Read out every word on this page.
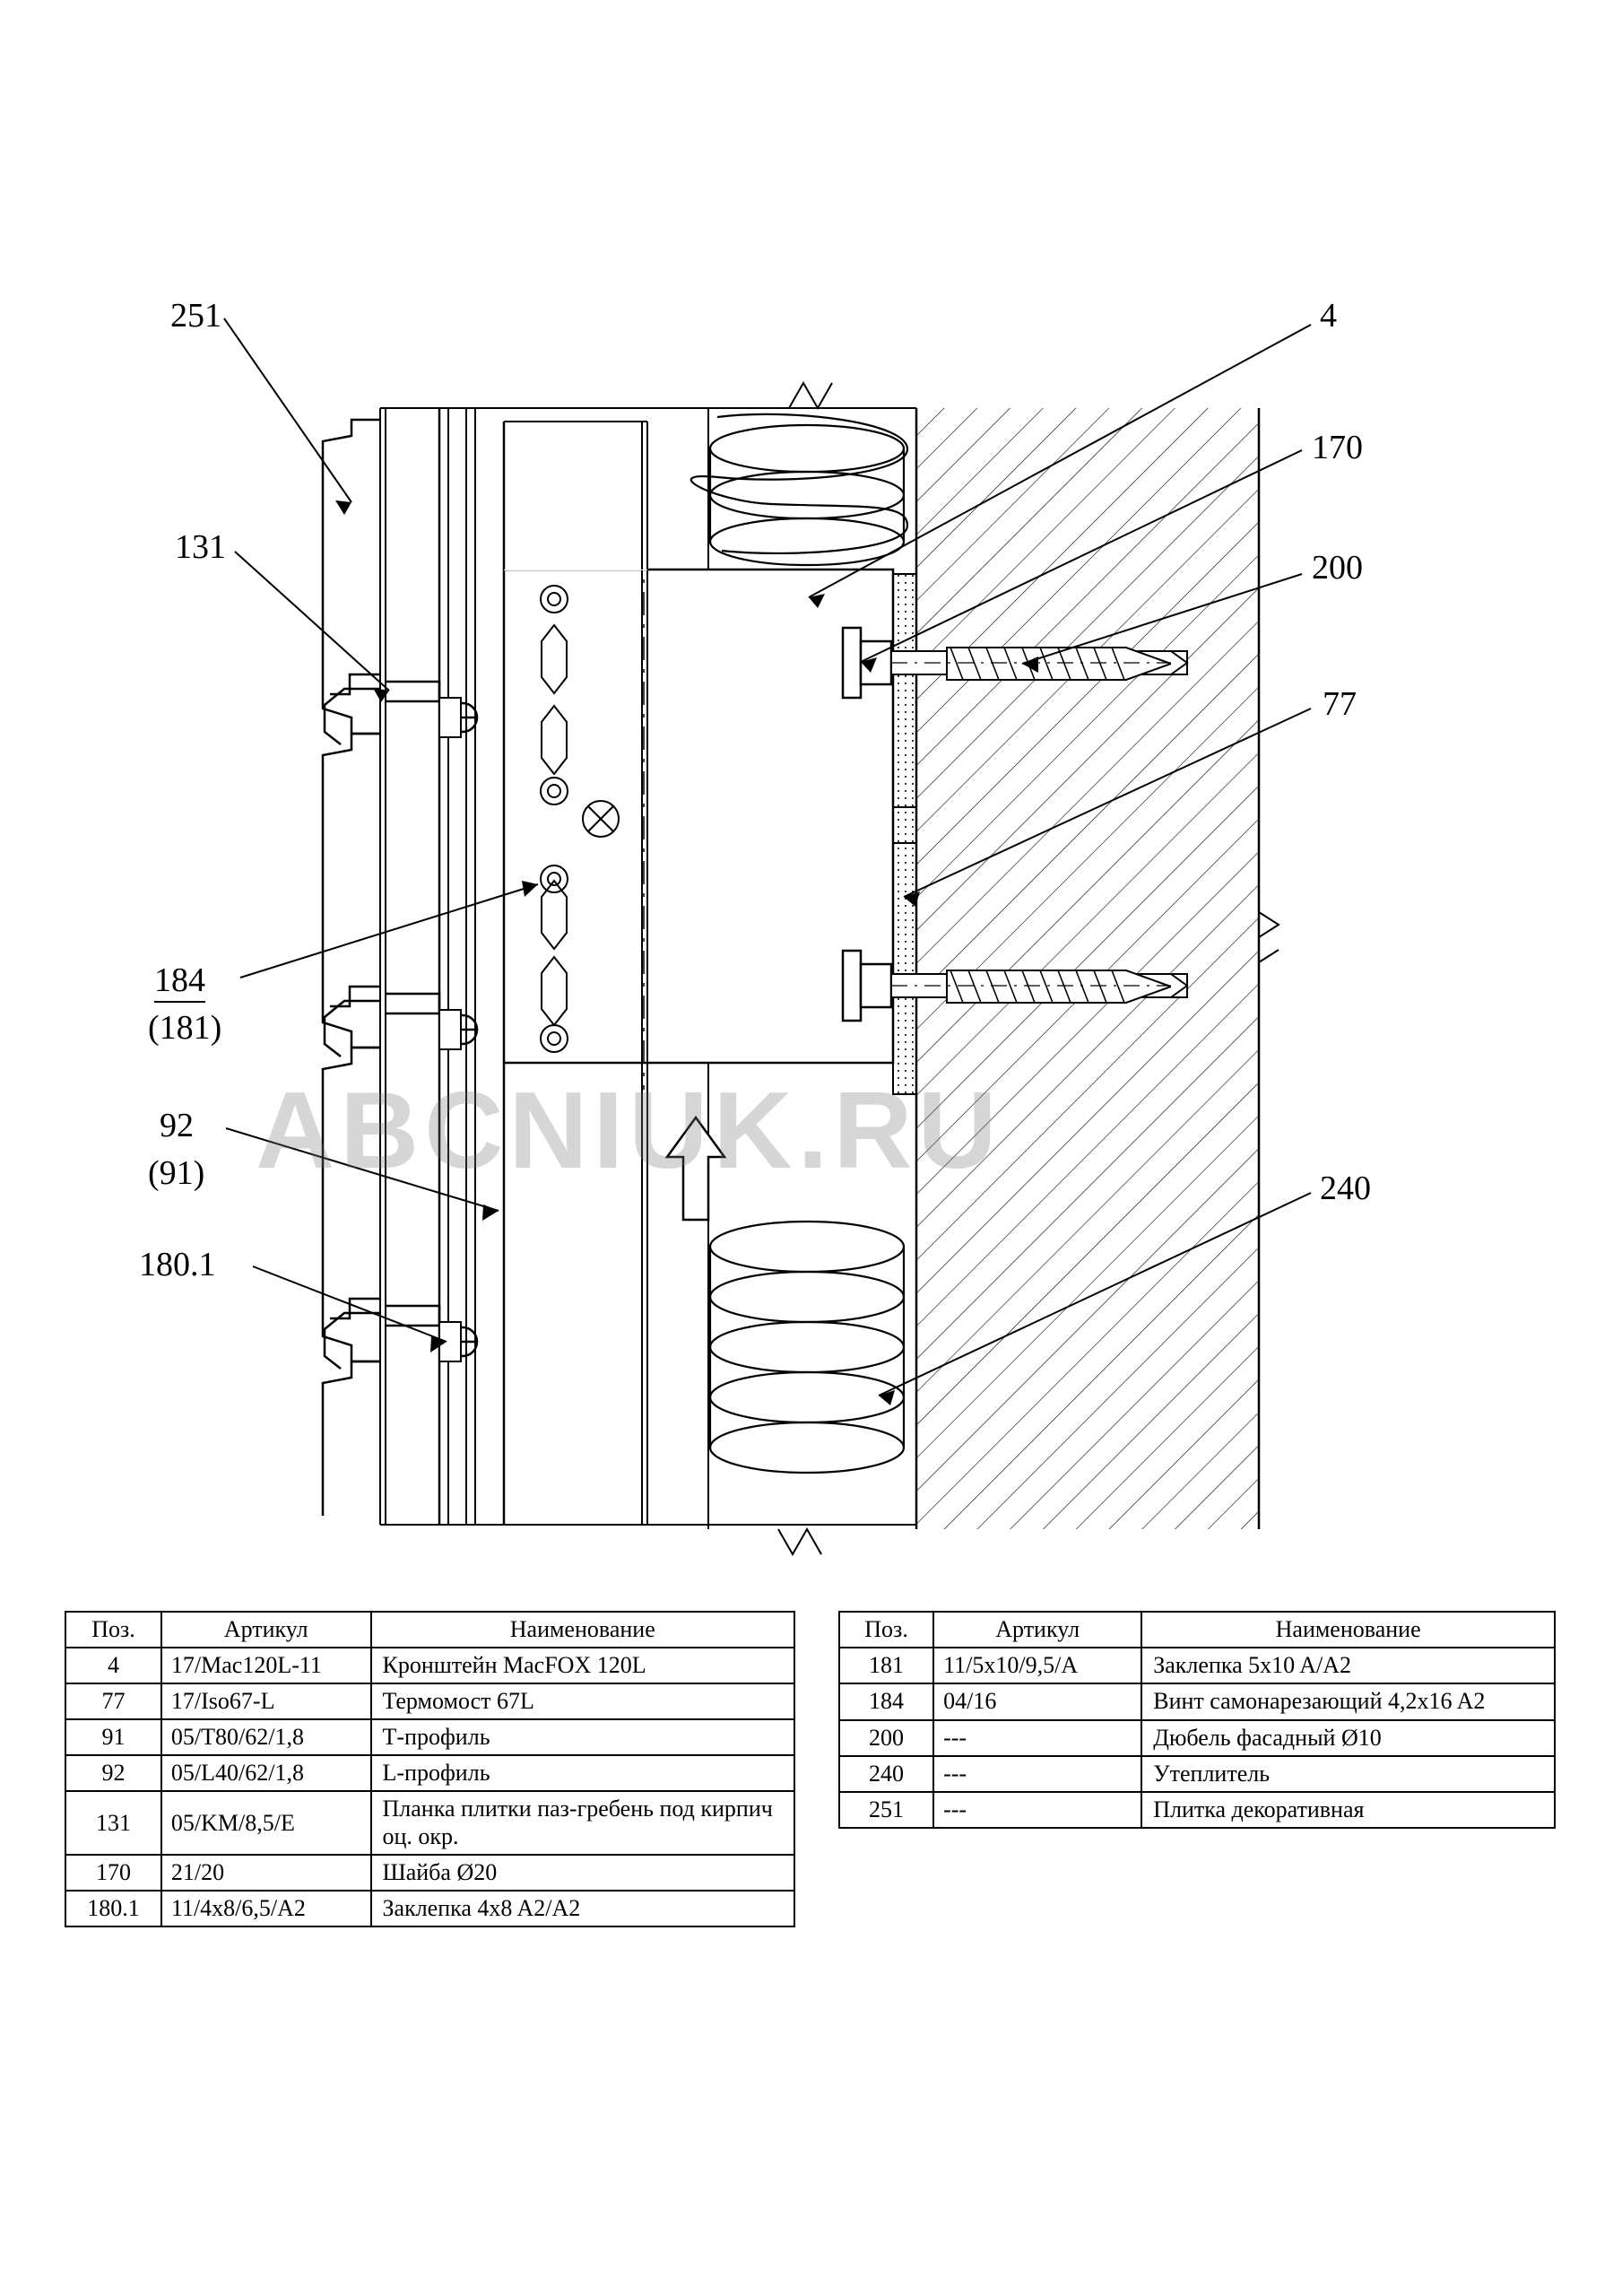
ABCNIUK.RU
251	4
170
131
200
77
184
(181)
92
(91)	240
180.1
Поз.	Артикул	Наименование
4	17/Mac120L-11	Кронштейн MacFOX 120L
77	17/Iso67-L	Термомост 67L
91	05/T80/62/1,8	Т-профиль
92	05/L40/62/1,8	L-профиль
131	05/KM/8,5/E	Планка плитки паз-гребень под кирпич оц. окр.
170	21/20	Шайба Ø20
180.1	11/4x8/6,5/A2	Заклепка 4x8 A2/A2
Поз.	Артикул	Наименование
181	11/5x10/9,5/A	Заклепка 5x10 A/A2
184	04/16	Винт самонарезающий 4,2x16 A2
200	---	Дюбель фасадный Ø10
240	---	Утеплитель
251	---	Плитка декоративная
